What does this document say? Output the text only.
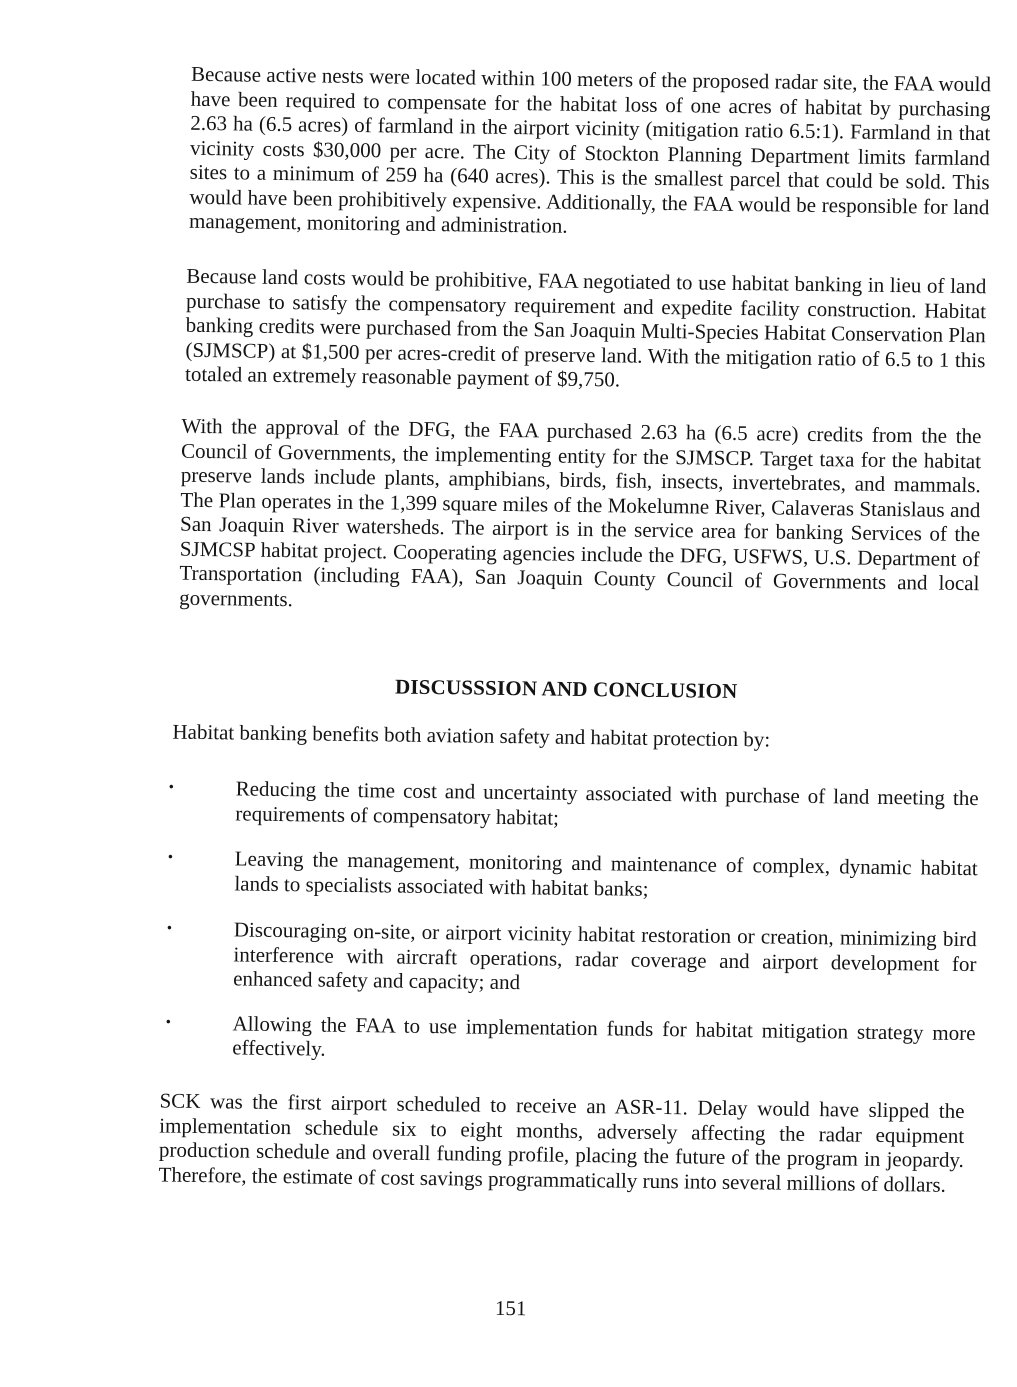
Because active nests were located within 100 meters of the proposed radar site, the FAA would have been required to compensate for the habitat loss of one acres of habitat by purchasing 2.63 ha (6.5 acres) of farmland in the airport vicinity (mitigation ratio 6.5:1). Farmland in that vicinity costs $30,000 per acre. The City of Stockton Planning Department limits farmland sites to a minimum of 259 ha (640 acres). This is the smallest parcel that could be sold. This would have been prohibitively expensive. Additionally, the FAA would be responsible for land management, monitoring and administration.

Because land costs would be prohibitive, FAA negotiated to use habitat banking in lieu of land purchase to satisfy the compensatory requirement and expedite facility construction. Habitat banking credits were purchased from the San Joaquin Multi-Species Habitat Conservation Plan (SJMSCP) at $1,500 per acres-credit of preserve land. With the mitigation ratio of 6.5 to 1 this totaled an extremely reasonable payment of $9,750.

With the approval of the DFG, the FAA purchased 2.63 ha (6.5 acre) credits from the the Council of Governments, the implementing entity for the SJMSCP. Target taxa for the habitat preserve lands include plants, amphibians, birds, fish, insects, invertebrates, and mammals. The Plan operates in the 1,399 square miles of the Mokelumne River, Calaveras Stanislaus and San Joaquin River watersheds. The airport is in the service area for banking Services of the SJMCSP habitat project. Cooperating agencies include the DFG, USFWS, U.S. Department of Transportation (including FAA), San Joaquin County Council of Governments and local governments.

DISCUSSSION AND CONCLUSION

Habitat banking benefits both aviation safety and habitat protection by:

•	Reducing the time cost and uncertainty associated with purchase of land meeting the requirements of compensatory habitat;
•	Leaving the management, monitoring and maintenance of complex, dynamic habitat lands to specialists associated with habitat banks;
•	Discouraging on-site, or airport vicinity habitat restoration or creation, minimizing bird interference with aircraft operations, radar coverage and airport development for enhanced safety and capacity; and
•	Allowing the FAA to use implementation funds for habitat mitigation strategy more effectively.

SCK was the first airport scheduled to receive an ASR-11. Delay would have slipped the implementation schedule six to eight months, adversely affecting the radar equipment production schedule and overall funding profile, placing the future of the program in jeopardy. Therefore, the estimate of cost savings programmatically runs into several millions of dollars.

151
